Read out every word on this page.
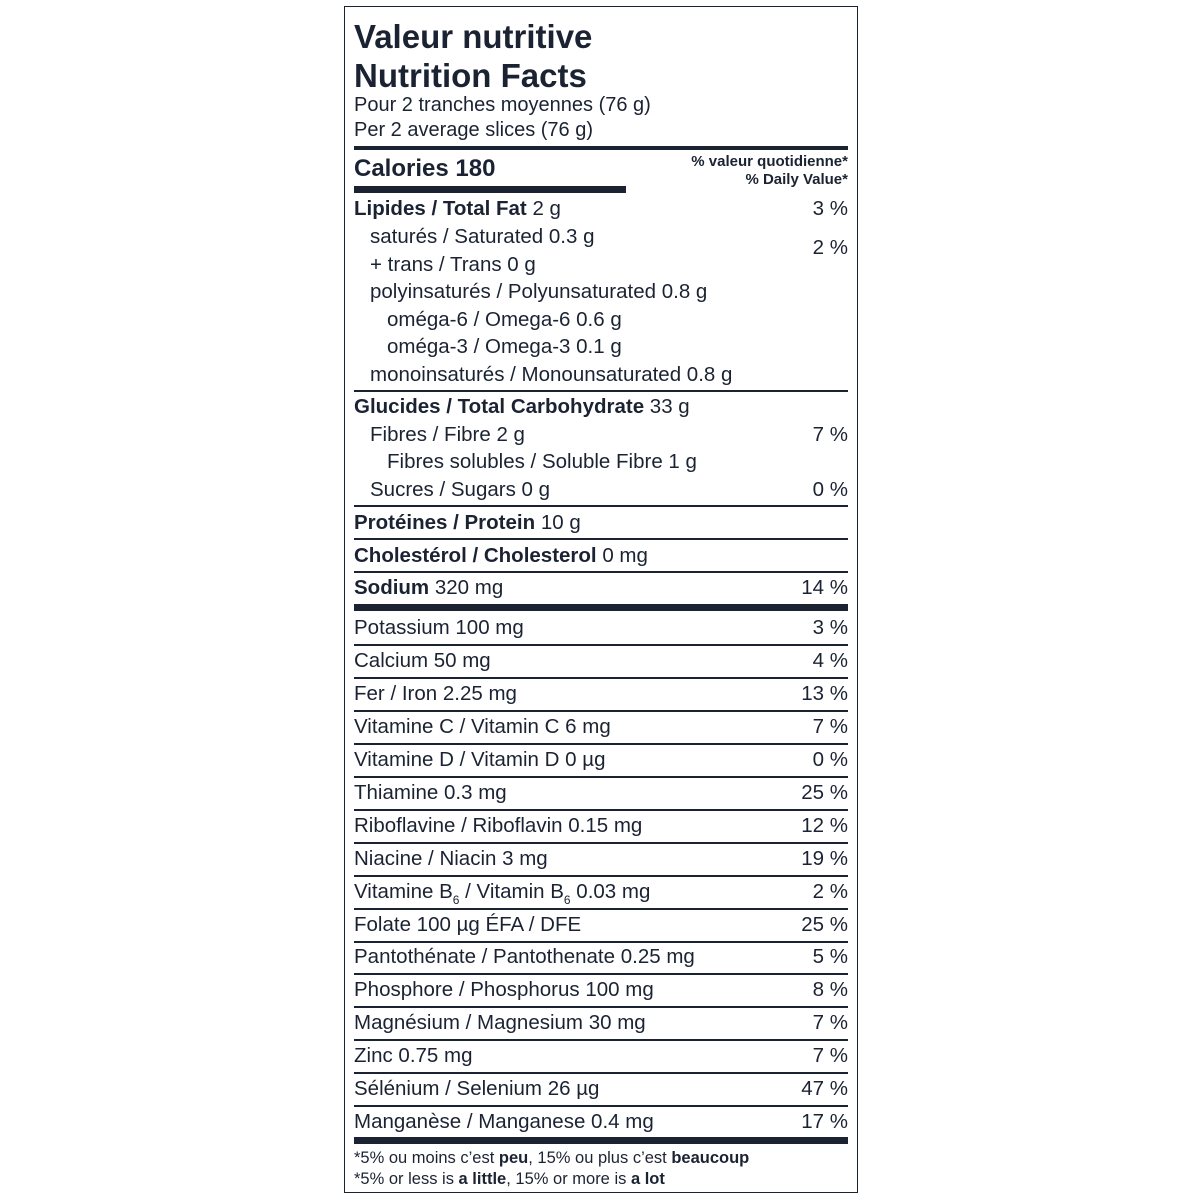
Valeur nutritive
Nutrition Facts
Pour 2 tranches moyennes (76 g)
Per 2 average slices (76 g)
Calories 180	% valeur quotidienne*
% Daily Value*
Lipides / Total Fat 2 g	3 %
saturés / Saturated 0.3 g	2 %
+ trans / Trans 0 g
polyinsaturés / Polyunsaturated 0.8 g
oméga-6 / Omega-6 0.6 g
oméga-3 / Omega-3 0.1 g
monoinsaturés / Monounsaturated 0.8 g
Glucides / Total Carbohydrate 33 g
Fibres / Fibre 2 g	7 %
Fibres solubles / Soluble Fibre 1 g
Sucres / Sugars 0 g	0 %
Protéines / Protein 10 g
Cholestérol / Cholesterol 0 mg
Sodium 320 mg	14 %
Potassium 100 mg	3 %
Calcium 50 mg	4 %
Fer / Iron 2.25 mg	13 %
Vitamine C / Vitamin C 6 mg	7 %
Vitamine D / Vitamin D 0 µg	0 %
Thiamine 0.3 mg	25 %
Riboflavine / Riboflavin 0.15 mg	12 %
Niacine / Niacin 3 mg	19 %
Vitamine $B_6$ / Vitamin $B_6$ 0.03 mg	2 %
Folate 100 µg ÉFA / DFE	25 %
Pantothénate / Pantothenate 0.25 mg	5 %
Phosphore / Phosphorus 100 mg	8 %
Magnésium / Magnesium 30 mg	7 %
Zinc 0.75 mg	7 %
Sélénium / Selenium 26 µg	47 %
Manganèse / Manganese 0.4 mg	17 %
*5% ou moins c’est peu, 15% ou plus c’est beaucoup
*5% or less is a little, 15% or more is a lot
